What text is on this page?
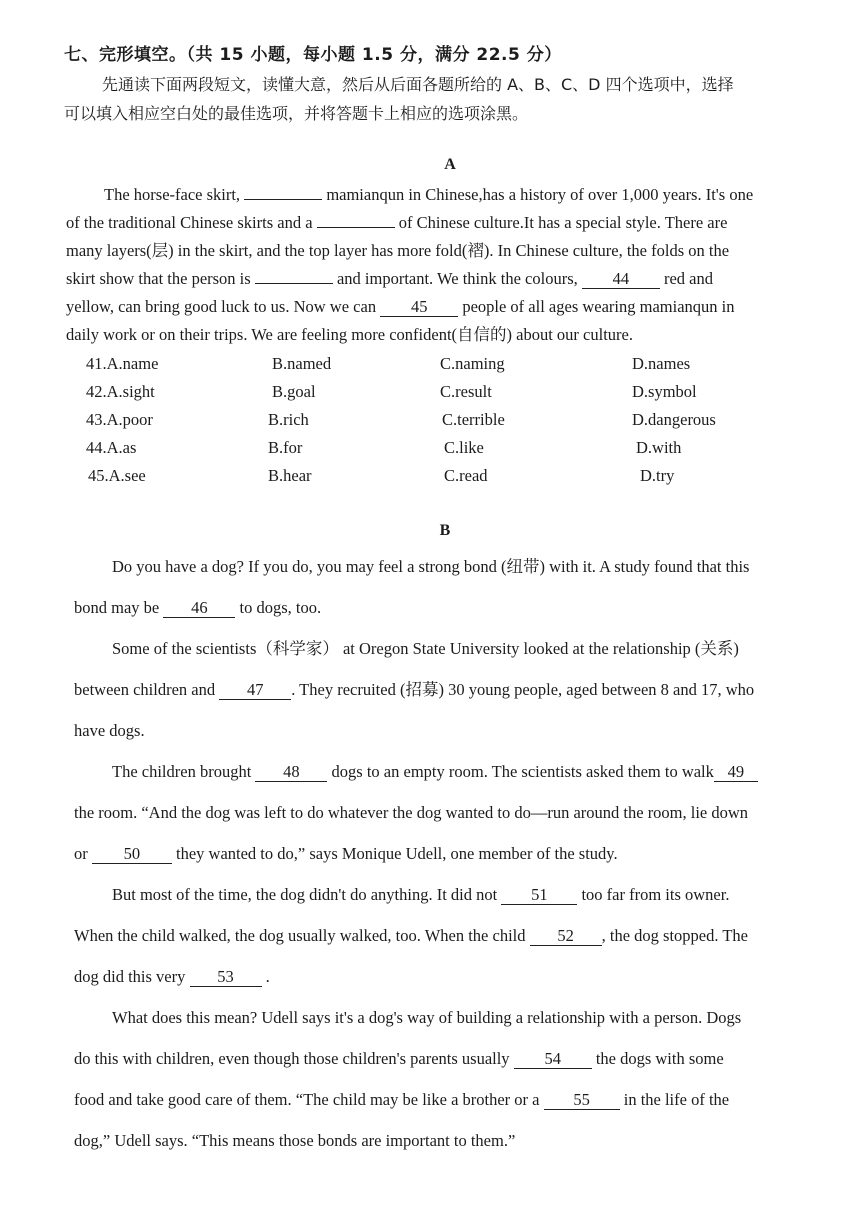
七、完形填空。（共 15 小题，每小题 1.5 分，满分 22.5 分）
先通读下面两段短文，读懂大意，然后从后面各题所给的 A、B、C、D 四个选项中，选择
可以填入相应空白处的最佳选项，并将答题卡上相应的选项涂黑。
A
The horse-face skirt,	mamianqun in Chinese,has a history of over 1,000 years. It's one
of the traditional Chinese skirts and a	of Chinese culture.It has a special style. There are
many layers(层) in the skirt, and the top layer has more fold(褶). In Chinese culture, the folds on the
skirt show that the person is	and important. We think the colours, 44 red and
yellow, can bring good luck to us. Now we can 45 people of all ages wearing mamianqun in
daily work or on their trips. We are feeling more confident(自信的) about our culture.
41.A.name	B.named	C.naming	D.names
42.A.sight	B.goal	C.result	D.symbol
43.A.poor	B.rich	C.terrible	D.dangerous
44.A.as	B.for	C.like	D.with
45.A.see	B.hear	C.read	D.try
B
Do you have a dog? If you do, you may feel a strong bond (纽带) with it. A study found that this
bond may be 46 to dogs, too.
Some of the scientists（科学家） at Oregon State University looked at the relationship (关系)
between children and 47 . They recruited (招募) 30 young people, aged between 8 and 17, who
have dogs.
The children brought 48 dogs to an empty room. The scientists asked them to walk 49
the room. “And the dog was left to do whatever the dog wanted to do—run around the room, lie down
or 50 they wanted to do,” says Monique Udell, one member of the study.
But most of the time, the dog didn't do anything. It did not 51 too far from its owner.
When the child walked, the dog usually walked, too. When the child 52 , the dog stopped. The
dog did this very 53 .
What does this mean? Udell says it's a dog's way of building a relationship with a person. Dogs
do this with children, even though those children's parents usually 54 the dogs with some
food and take good care of them. “The child may be like a brother or a 55 in the life of the
dog,” Udell says. “This means those bonds are important to them.”
